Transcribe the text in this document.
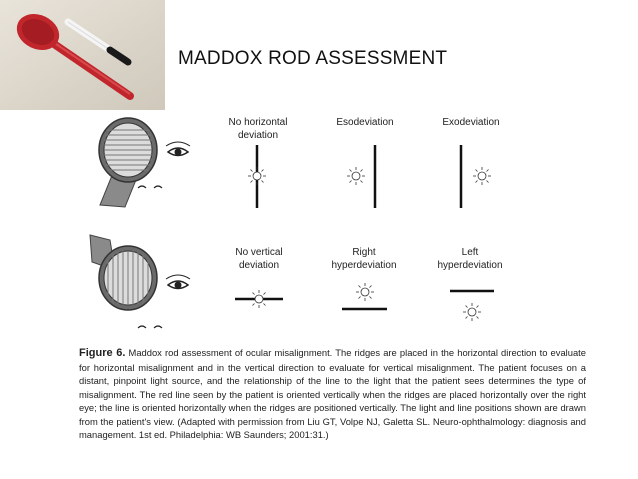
MADDOX ROD ASSESSMENT
No horizontal deviation
Esodeviation	Exodeviation
No vertical deviation
Right hyperdeviation
Left hyperdeviation
Figure 6. Maddox rod assessment of ocular misalignment. The ridges are placed in the horizontal direction to evaluate for horizontal misalignment and in the vertical direction to evaluate for vertical misalignment. The patient focuses on a distant, pinpoint light source, and the relationship of the line to the light that the patient sees determines the type of misalignment. The red line seen by the patient is oriented vertically when the ridges are placed horizontally over the right eye; the line is oriented horizontally when the ridges are positioned vertically. The light and line positions shown are drawn from the patient's view. (Adapted with permission from Liu GT, Volpe NJ, Galetta SL. Neuro-ophthalmology: diagnosis and management. 1st ed. Philadelphia: WB Saunders; 2001:31.)
